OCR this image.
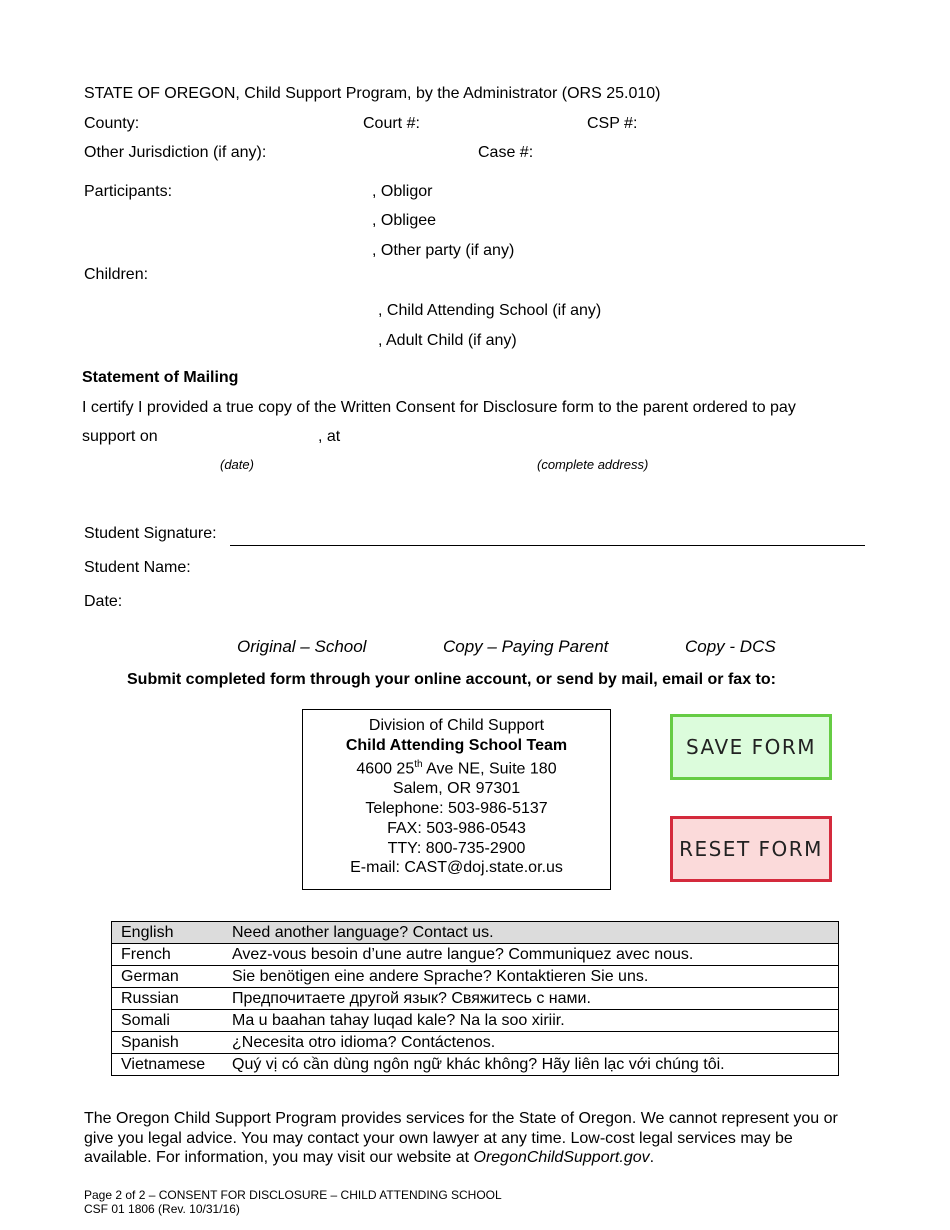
STATE OF OREGON, Child Support Program, by the Administrator (ORS 25.010)
County:	Court #:	CSP #:
Other Jurisdiction (if any):	Case #:
Participants:	, Obligor
, Obligee
, Other party (if any)
Children:
, Child Attending School (if any)
, Adult Child (if any)
Statement of Mailing
I certify I provided a true copy of the Written Consent for Disclosure form to the parent ordered to pay
support on	, at
(date)	(complete address)
Student Signature:
Student Name:
Date:
Original – School	Copy – Paying Parent	Copy - DCS
Submit completed form through your online account, or send by mail, email or fax to:
Division of Child Support
Child Attending School Team
4600 25th Ave NE, Suite 180
Salem, OR 97301
Telephone: 503-986-5137
FAX: 503-986-0543
TTY: 800-735-2900
E-mail: CAST@doj.state.or.us
SAVE FORM
RESET FORM
English	Need another language? Contact us.
French	Avez-vous besoin d’une autre langue? Communiquez avec nous.
German	Sie benötigen eine andere Sprache? Kontaktieren Sie uns.
Russian	Предпочитаете другой язык? Свяжитесь с нами.
Somali	Ma u baahan tahay luqad kale? Na la soo xiriir.
Spanish	¿Necesita otro idioma? Contáctenos.
Vietnamese	Quý vị có cần dùng ngôn ngữ khác không? Hãy liên lạc với chúng tôi.
The Oregon Child Support Program provides services for the State of Oregon. We cannot represent you or give you legal advice. You may contact your own lawyer at any time. Low-cost legal services may be available. For information, you may visit our website at OregonChildSupport.gov.
Page 2 of 2 – CONSENT FOR DISCLOSURE – CHILD ATTENDING SCHOOL
CSF 01 1806 (Rev. 10/31/16)
